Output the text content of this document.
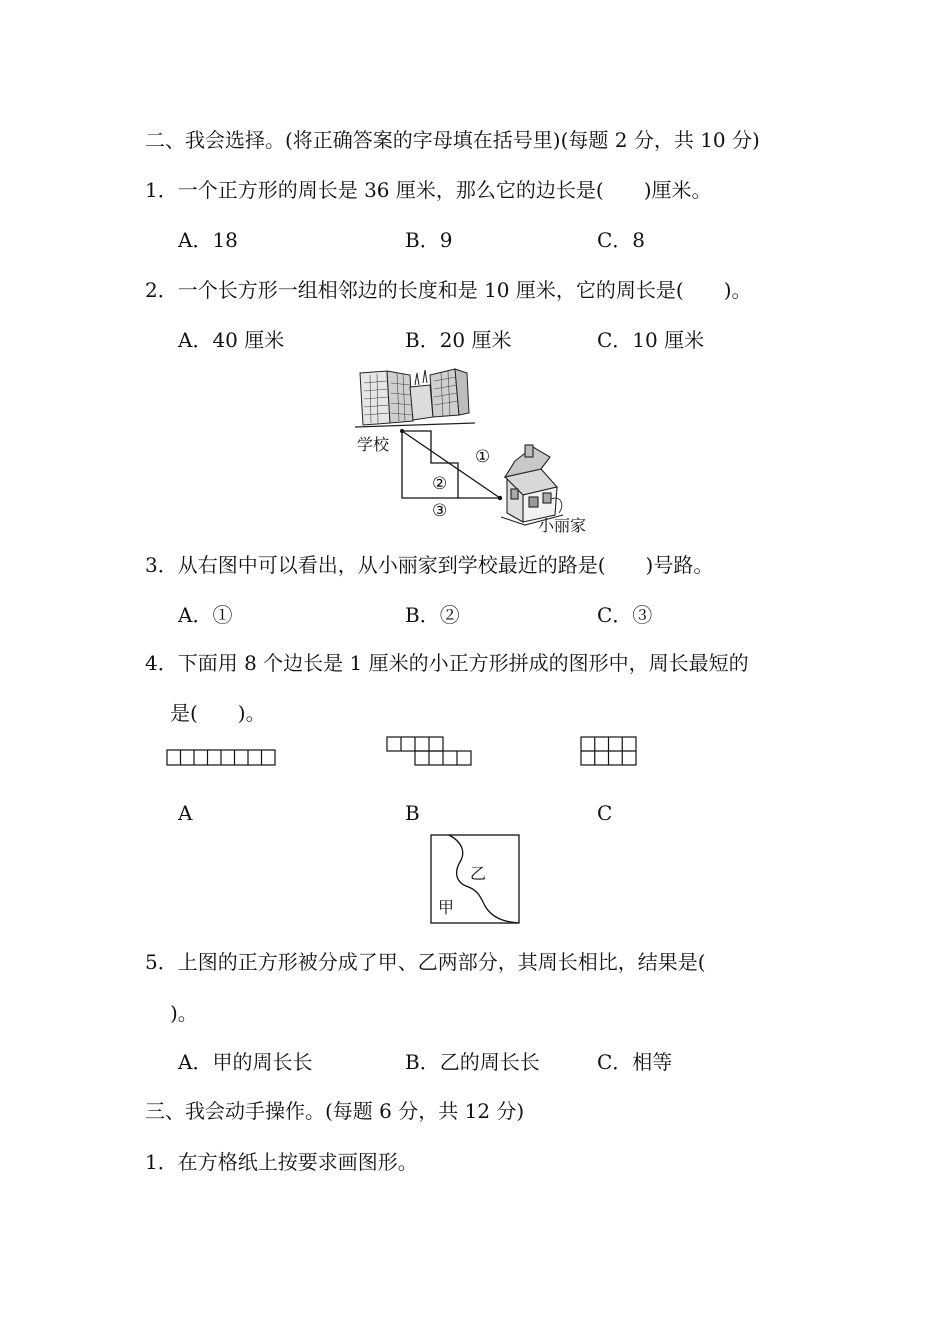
二、我会选择。(将正确答案的字母填在括号里)(每题 2 分，共 10 分)
1．一个正方形的周长是 36 厘米，那么它的边长是(　　)厘米。
A．18	B．9	C．8
2．一个长方形一组相邻边的长度和是 10 厘米，它的周长是(　　)。
A．40 厘米	B．20 厘米	C．10 厘米
①
②
③
学校
小丽家
3．从右图中可以看出，从小丽家到学校最近的路是(　　)号路。
A．①	B．②	C．③
4．下面用 8 个边长是 1 厘米的小正方形拼成的图形中，周长最短的
是(　　)。
A	B	C
甲
乙
5．上图的正方形被分成了甲、乙两部分，其周长相比，结果是(
)。
A．甲的周长长	B．乙的周长长	C．相等
三、我会动手操作。(每题 6 分，共 12 分)
1．在方格纸上按要求画图形。
